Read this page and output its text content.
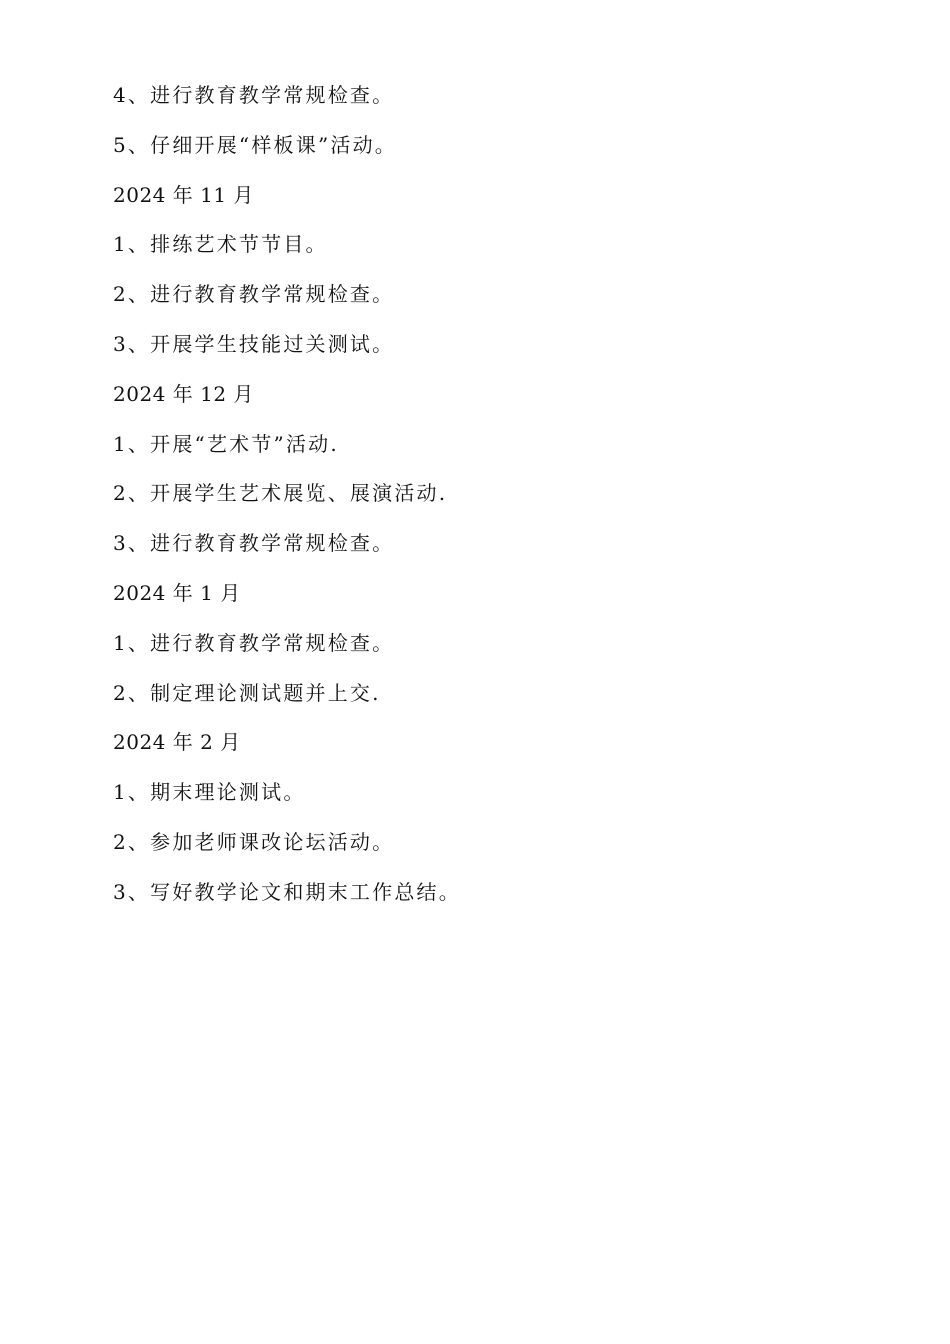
4、进行教育教学常规检查。
5、仔细开展“样板课”活动。
2024 年 11 月
1、排练艺术节节目。
2、进行教育教学常规检查。
3、开展学生技能过关测试。
2024 年 12 月
1、开展“艺术节”活动.
2、开展学生艺术展览、展演活动.
3、进行教育教学常规检查。
2024 年 1 月
1、进行教育教学常规检查。
2、制定理论测试题并上交.
2024 年 2 月
1、期末理论测试。
2、参加老师课改论坛活动。
3、写好教学论文和期末工作总结。
